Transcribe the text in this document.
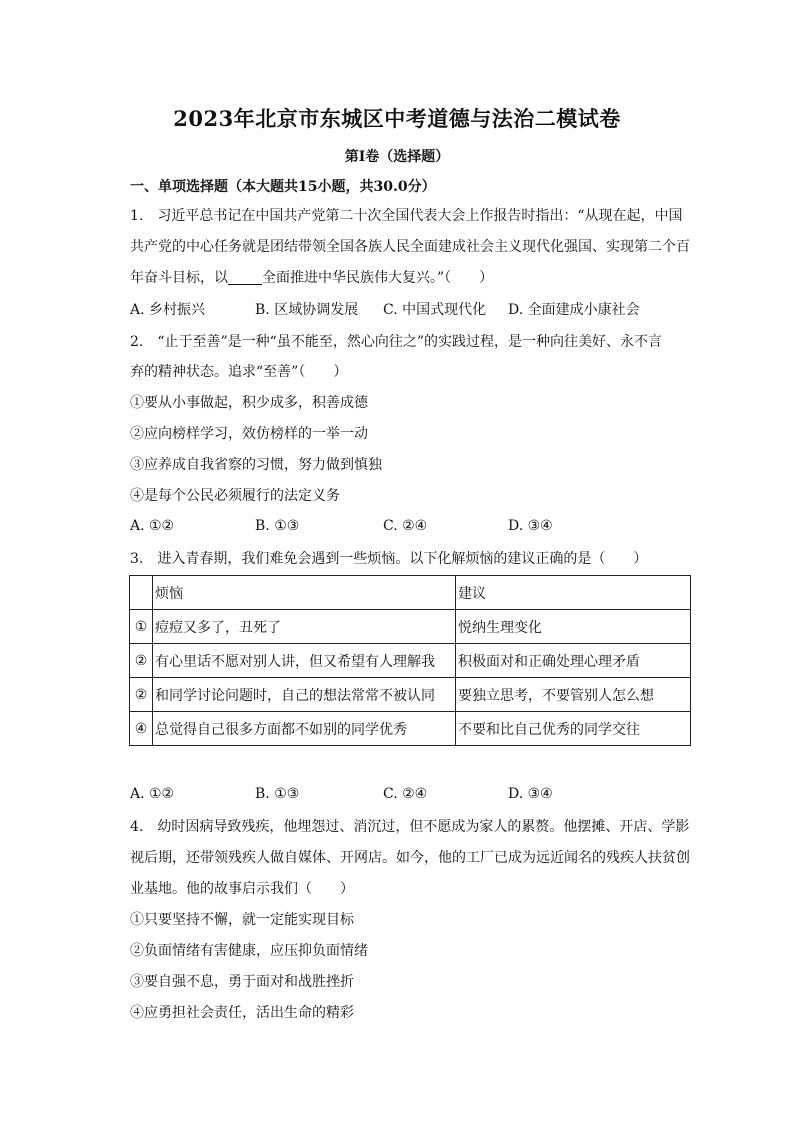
2023年北京市东城区中考道德与法治二模试卷
第Ⅰ卷（选择题）
一、单项选择题（本大题共15小题，共30.0分）
1.　习近平总书记在中国共产党第二十次全国代表大会上作报告时指出：“从现在起，中国
共产党的中心任务就是团结带领全国各族人民全面建成社会主义现代化强国、实现第二个百
年奋斗目标，以 全面推进中华民族伟大复兴。”（　　）
A. 乡村振兴	B. 区域协调发展 C. 中国式现代化 D. 全面建成小康社会
2.　“止于至善”是一种“虽不能至，然心向往之”的实践过程，是一种向往美好、永不言
弃的精神状态。追求“至善”（　　）
①要从小事做起，积少成多，积善成德
②应向榜样学习，效仿榜样的一举一动
③应养成自我省察的习惯，努力做到慎独
④是每个公民必须履行的法定义务
A. ①②	B. ①③	C. ②④	D. ③④
3.　进入青春期，我们难免会遇到一些烦恼。以下化解烦恼的建议正确的是（　　）
	烦恼	建议
①	痘痘又多了，丑死了	悦纳生理变化
②	有心里话不愿对别人讲，但又希望有人理解我	积极面对和正确处理心理矛盾
②	和同学讨论问题时，自己的想法常常不被认同	要独立思考，不要管别人怎么想
④	总觉得自己很多方面都不如别的同学优秀	不要和比自己优秀的同学交往
A. ①②	B. ①③	C. ②④	D. ③④
4.　幼时因病导致残疾，他埋怨过、消沉过，但不愿成为家人的累赘。他摆摊、开店、学影
视后期，还带领残疾人做自媒体、开网店。如今，他的工厂已成为远近闻名的残疾人扶贫创
业基地。他的故事启示我们（　　）
①只要坚持不懈，就一定能实现目标
②负面情绪有害健康，应压抑负面情绪
③要自强不息，勇于面对和战胜挫折
④应勇担社会责任，活出生命的精彩
